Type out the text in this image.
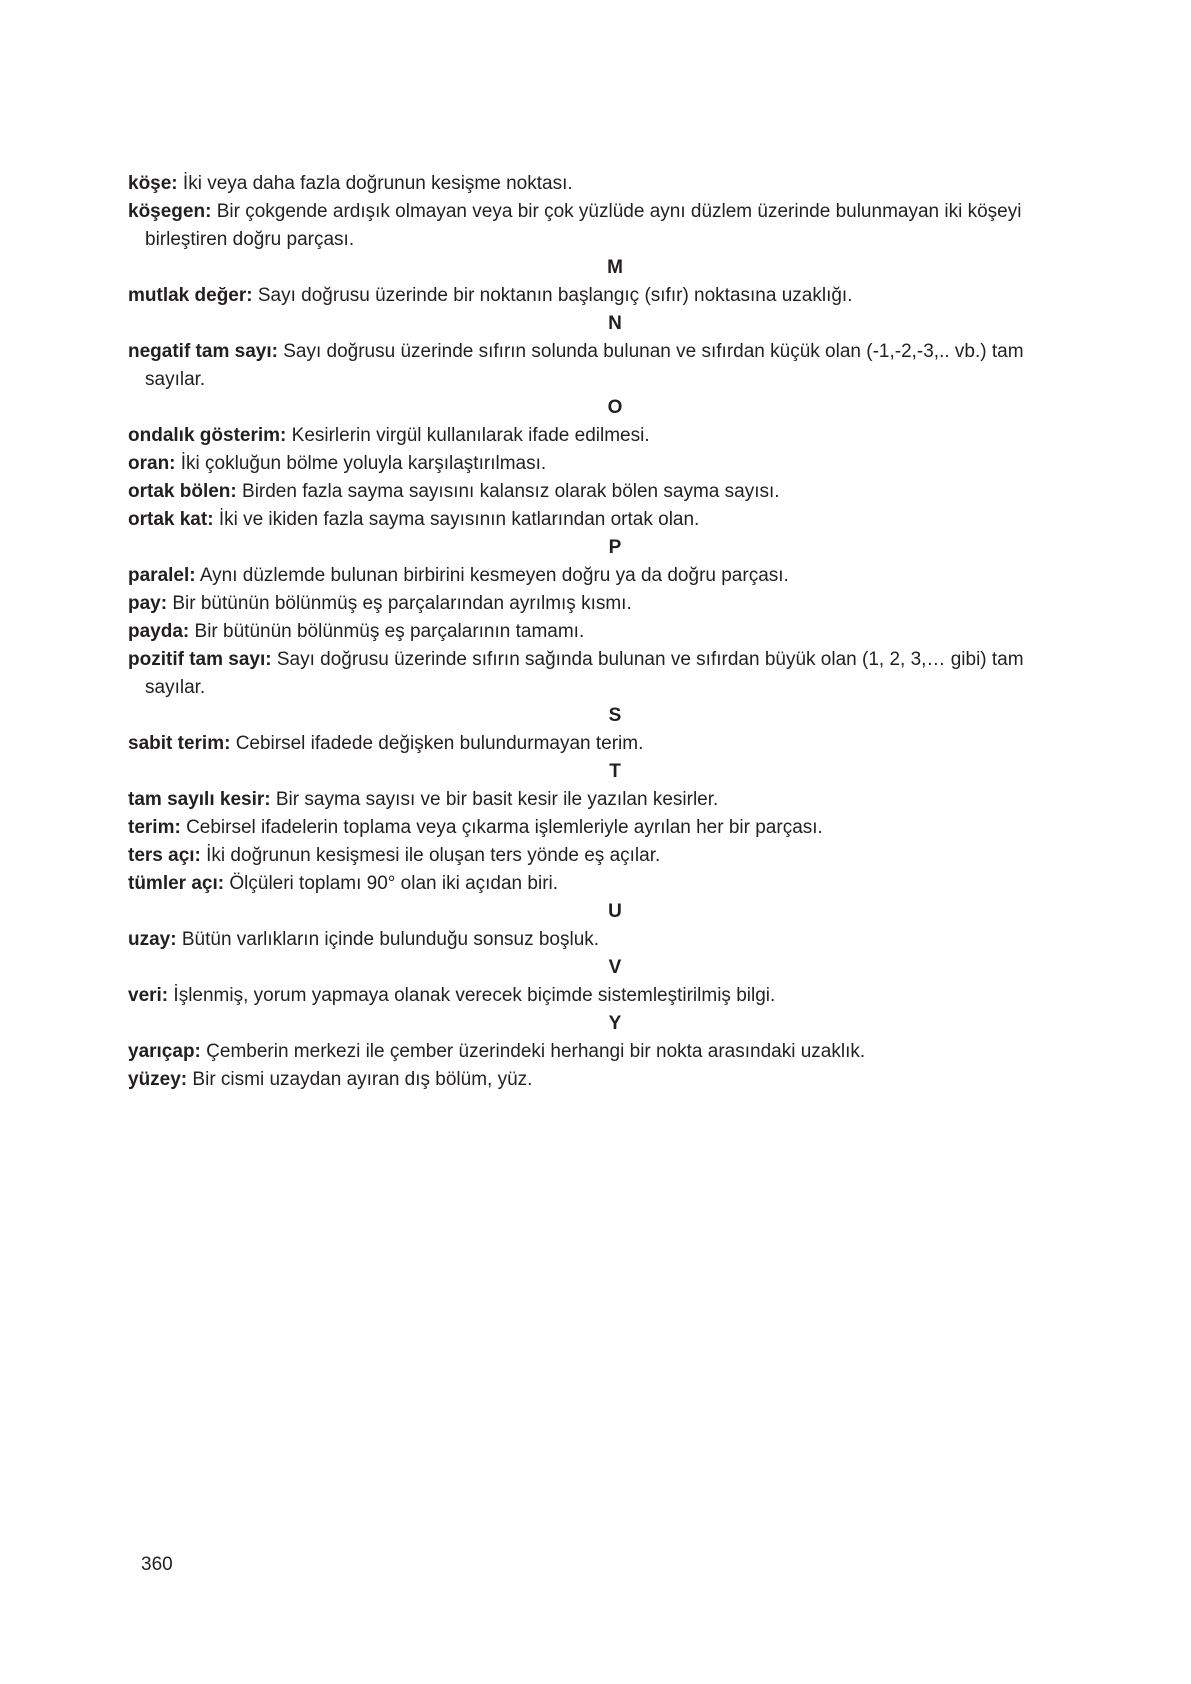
köşe: İki veya daha fazla doğrunun kesişme noktası.

köşegen: Bir çokgende ardışık olmayan veya bir çok yüzlüde aynı düzlem üzerinde bulunmayan iki köşeyi birleştiren doğru parçası.

M

mutlak değer: Sayı doğrusu üzerinde bir noktanın başlangıç (sıfır) noktasına uzaklığı.

N

negatif tam sayı: Sayı doğrusu üzerinde sıfırın solunda bulunan ve sıfırdan küçük olan (-1,-2,-3,.. vb.) tam sayılar.

O

ondalık gösterim: Kesirlerin virgül kullanılarak ifade edilmesi.

oran: İki çokluğun bölme yoluyla karşılaştırılması.

ortak bölen: Birden fazla sayma sayısını kalansız olarak bölen sayma sayısı.

ortak kat: İki ve ikiden fazla sayma sayısının katlarından ortak olan.

P

paralel: Aynı düzlemde bulunan birbirini kesmeyen doğru ya da doğru parçası.

pay: Bir bütünün bölünmüş eş parçalarından ayrılmış kısmı.

payda: Bir bütünün bölünmüş eş parçalarının tamamı.

pozitif tam sayı: Sayı doğrusu üzerinde sıfırın sağında bulunan ve sıfırdan büyük olan (1, 2, 3,… gibi) tam sayılar.

S

sabit terim: Cebirsel ifadede değişken bulundurmayan terim.

T

tam sayılı kesir: Bir sayma sayısı ve bir basit kesir ile yazılan kesirler.

terim: Cebirsel ifadelerin toplama veya çıkarma işlemleriyle ayrılan her bir parçası.

ters açı: İki doğrunun kesişmesi ile oluşan ters yönde eş açılar.

tümler açı: Ölçüleri toplamı 90° olan iki açıdan biri.

U

uzay: Bütün varlıkların içinde bulunduğu sonsuz boşluk.

V

veri: İşlenmiş, yorum yapmaya olanak verecek biçimde sistemleştirilmiş bilgi.

Y

yarıçap: Çemberin merkezi ile çember üzerindeki herhangi bir nokta arasındaki uzaklık.

yüzey: Bir cismi uzaydan ayıran dış bölüm, yüz.

360
